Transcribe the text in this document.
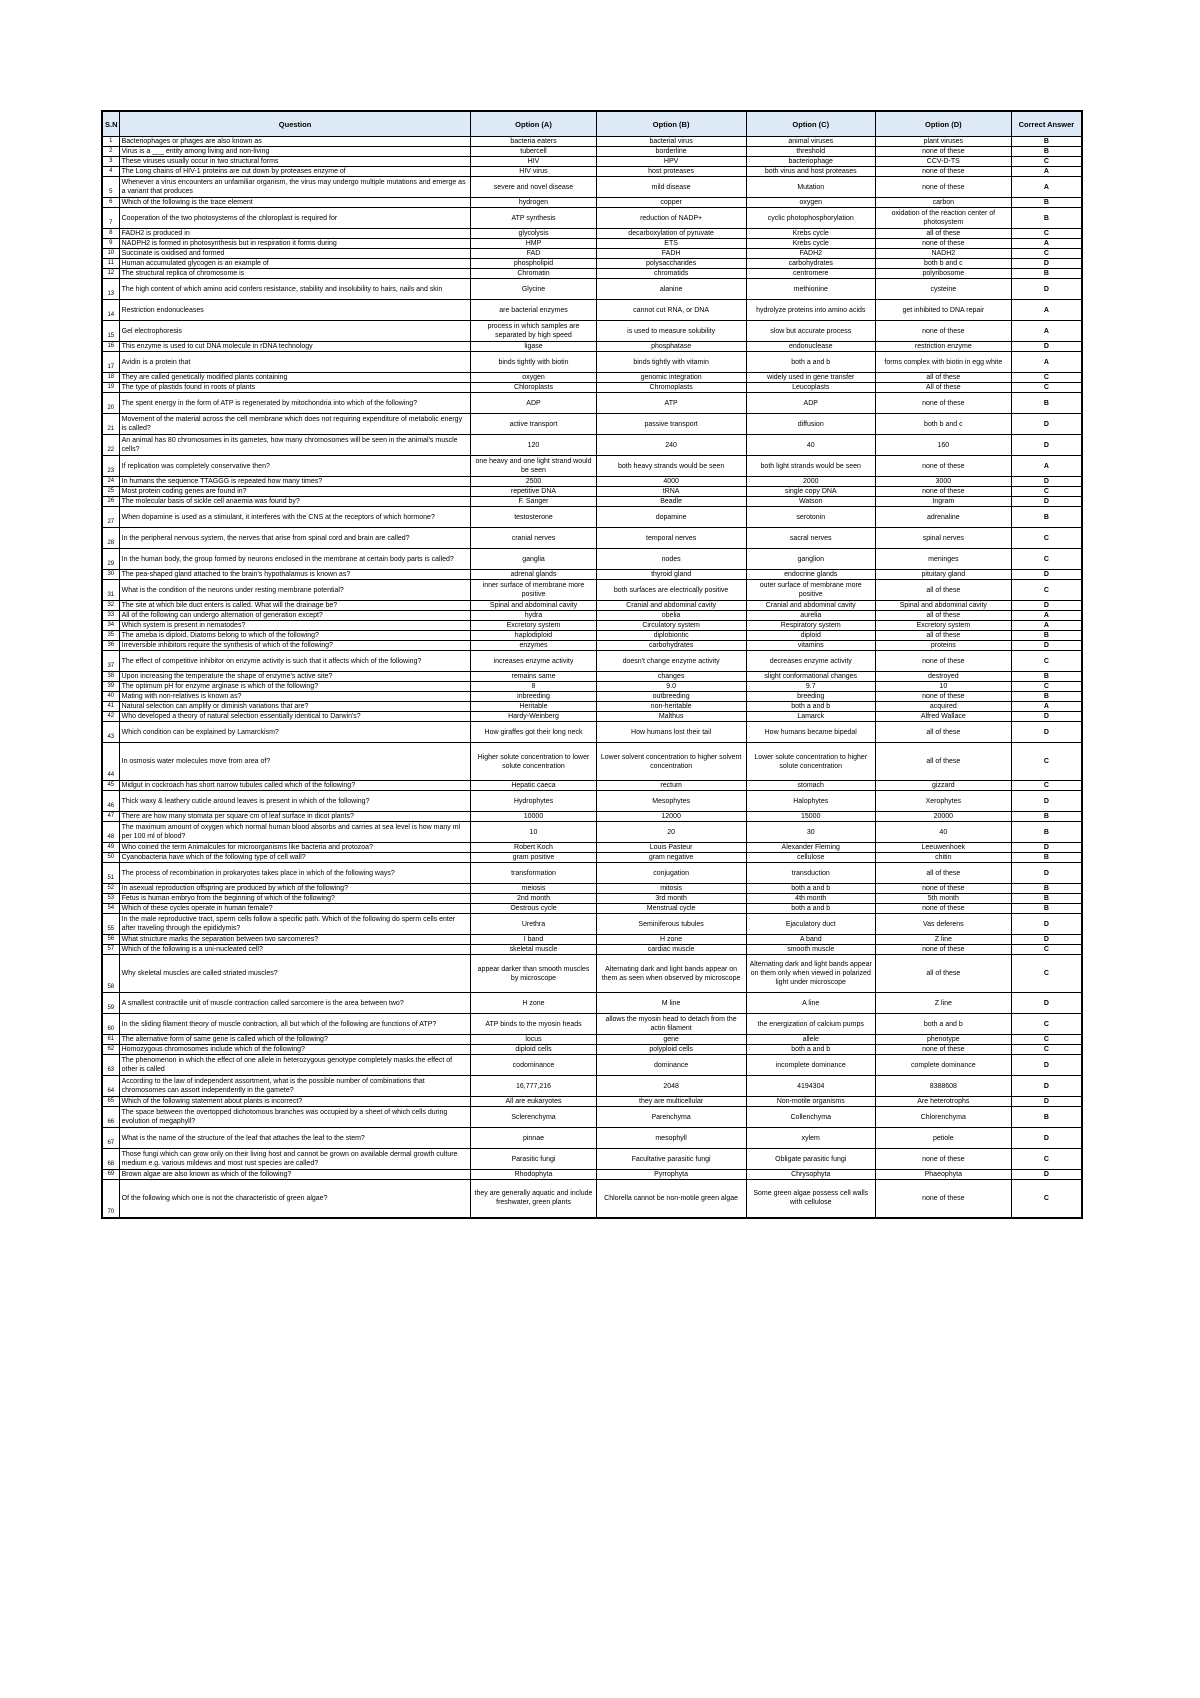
S.N	Question	Option (A)	Option (B)	Option (C)	Option (D)	Correct Answer
1	Bacteriophages or phages are also known as	bacteria eaters	bacterial virus	animal viruses	plant viruses	B
2	Virus is a ___ entity among living and non-living	tubercell	borderline	threshold	none of these	B
3	These viruses usually occur in two structural forms	HIV	HPV	bacteriophage	CCV-D-TS	C
4	The Long chains of HIV-1 proteins are cut down by proteases enzyme of	HIV virus	host proteases	both virus and host proteases	none of these	A
5	Whenever a virus encounters an unfamiliar organism, the virus may undergo multiple mutations and emerge as a variant that produces	severe and novel disease	mild disease	Mutation	none of these	A
6	Which of the following is the trace element	hydrogen	copper	oxygen	carbon	B
7	Cooperation of the two photosystems of the chloroplast is required for	ATP synthesis	reduction of NADP+	cyclic photophosphorylation	oxidation of the reaction center of photosystem	B
8	FADH2 is produced in	glycolysis	decarboxylation of pyruvate	Krebs cycle	all of these	C
9	NADPH2 is formed in photosynthesis but in respiration it forms during	HMP	ETS	Krebs cycle	none of these	A
10	Succinate is oxidised and formed	FAD	FADH	FADH2	NADH2	C
11	Human accumulated glycogen is an example of	phospholipid	polysaccharides	carbohydrates	both b and c	D
12	The structural replica of chromosome is	Chromatin	chromatids	centromere	polyribosome	B
13	The high content of which amino acid confers resistance, stability and insolubility to hairs, nails and skin	Glycine	alanine	methionine	cysteine	D
14	Restriction endonucleases	are bacterial enzymes	cannot cut RNA, or DNA	hydrolyze proteins into amino acids	get inhibited to DNA repair	A
15	Gel electrophoresis	process in which samples are separated by high speed	is used to measure solubility	slow but accurate process	none of these	A
16	This enzyme is used to cut DNA molecule in rDNA technology	ligase	phosphatase	endonuclease	restriction enzyme	D
17	Avidin is a protein that	binds tightly with biotin	binds tightly with vitamin	both a and b	forms complex with biotin in egg white	A
18	They are called genetically modified plants containing	oxygen	genomic integration	widely used in gene transfer	all of these	C
19	The type of plastids found in roots of plants	Chloroplasts	Chromoplasts	Leucoplasts	All of these	C
20	The spent energy in the form of ATP is regenerated by mitochondria into which of the following?	ADP	ATP	ADP	none of these	B
21	Movement of the material across the cell membrane which does not requiring expenditure of metabolic energy is called?	active transport	passive transport	diffusion	both b and c	D
22	An animal has 80 chromosomes in its gametes, how many chromosomes will be seen in the animal's muscle cells?	120	240	40	160	D
23	If replication was completely conservative then?	one heavy and one light strand would be seen	both heavy strands would be seen	both light strands would be seen	none of these	A
24	In humans the sequence TTAGGG is repeated how many times?	2500	4000	2000	3000	D
25	Most protein coding genes are found in?	repetitive DNA	tRNA	single copy DNA	none of these	C
26	The molecular basis of sickle cell anaemia was found by?	F. Sanger	Beadle	Watson	Ingram	D
27	When dopamine is used as a stimulant, it interferes with the CNS at the receptors of which hormone?	testosterone	dopamine	serotonin	adrenaline	B
28	In the peripheral nervous system, the nerves that arise from spinal cord and brain are called?	cranial nerves	temporal nerves	sacral nerves	spinal nerves	C
29	In the human body, the group formed by neurons enclosed in the membrane at certain body parts is called?	ganglia	nodes	ganglion	meninges	C
30	The pea-shaped gland attached to the brain's hypothalamus is known as?	adrenal glands	thyroid gland	endocrine glands	pituitary gland	D
31	What is the condition of the neurons under resting membrane potential?	inner surface of membrane more positive	both surfaces are electrically positive	outer surface of membrane more positive	all of these	C
32	The site at which bile duct enters is called. What will the drainage be?	Spinal and abdominal cavity	Cranial and abdominal cavity	Cranial and abdominal cavity	Spinal and abdominal cavity	D
33	All of the following can undergo alternation of generation except?	hydra	obelia	aurelia	all of these	A
34	Which system is present in nematodes?	Excretory system	Circulatory system	Respiratory system	Excretory system	A
35	The ameba is diploid. Diatoms belong to which of the following?	haplodiploid	diplobiontic	diploid	all of these	B
36	Irreversible inhibitors require the synthesis of which of the following?	enzymes	carbohydrates	vitamins	proteins	D
37	The effect of competitive inhibitor on enzyme activity is such that it affects which of the following?	increases enzyme activity	doesn't change enzyme activity	decreases enzyme activity	none of these	C
38	Upon increasing the temperature the shape of enzyme's active site?	remains same	changes	slight conformational changes	destroyed	B
39	The optimum pH for enzyme arginase is which of the following?	8	9.0	9.7	10	C
40	Mating with non-relatives is known as?	inbreeding	outbreeding	breeding	none of these	B
41	Natural selection can amplify or diminish variations that are?	Heritable	non-heritable	both a and b	acquired	A
42	Who developed a theory of natural selection essentially identical to Darwin's?	Hardy-Weinberg	Malthus	Lamarck	Alfred Wallace	D
43	Which condition can be explained by Lamarckism?	How giraffes got their long neck	How humans lost their tail	How humans became bipedal	all of these	D
44	In osmosis water molecules move from area of?	Higher solute concentration to lower solute concentration	Lower solvent concentration to higher solvent concentration	Lower solute concentration to higher solute concentration	all of these	C
45	Midgut in cockroach has short narrow tubules called which of the following?	Hepatic caeca	rectum	stomach	gizzard	C
46	Thick waxy & leathery cuticle around leaves is present in which of the following?	Hydrophytes	Mesophytes	Halophytes	Xerophytes	D
47	There are how many stomata per square cm of leaf surface in dicot plants?	10000	12000	15000	20000	B
48	The maximum amount of oxygen which normal human blood absorbs and carries at sea level is how many ml per 100 ml of blood?	10	20	30	40	B
49	Who coined the term Animalcules for microorganisms like bacteria and protozoa?	Robert Koch	Louis Pasteur	Alexander Fleming	Leeuwenhoek	D
50	Cyanobacteria have which of the following type of cell wall?	gram positive	gram negative	cellulose	chitin	B
51	The process of recombination in prokaryotes takes place in which of the following ways?	transformation	conjugation	transduction	all of these	D
52	In asexual reproduction offspring are produced by which of the following?	meiosis	mitosis	both a and b	none of these	B
53	Fetus is human embryo from the beginning of which of the following?	2nd month	3rd month	4th month	5th month	B
54	Which of these cycles operate in human female?	Oestrous cycle	Menstrual cycle	both a and b	none of these	B
55	In the male reproductive tract, sperm cells follow a specific path. Which of the following do sperm cells enter after traveling through the epididymis?	Urethra	Seminiferous tubules	Ejaculatory duct	Vas deferens	D
56	What structure marks the separation between two sarcomeres?	I band	H zone	A band	Z line	D
57	Which of the following is a uni-nucleated cell?	skeletal muscle	cardiac muscle	smooth muscle	none of these	C
58	Why skeletal muscles are called striated muscles?	appear darker than smooth muscles by microscope	Alternating dark and light bands appear on them as seen when observed by microscope	Alternating dark and light bands appear on them only when viewed in polarized light under microscope	all of these	C
59	A smallest contractile unit of muscle contraction called sarcomere is the area between two?	H zone	M line	A line	Z line	D
60	In the sliding filament theory of muscle contraction, all but which of the following are functions of ATP?	ATP binds to the myosin heads	allows the myosin head to detach from the actin filament	the energization of calcium pumps	both a and b	C
61	The alternative form of same gene is called which of the following?	locus	gene	allele	phenotype	C
62	Homozygous chromosomes include which of the following?	diploid cells	polyploid cells	both a and b	none of these	C
63	The phenomenon in which the effect of one allele in heterozygous genotype completely masks the effect of other is called	codominance	dominance	incomplete dominance	complete dominance	D
64	According to the law of independent assortment, what is the possible number of combinations that chromosomes can assort independently in the gamete?	16,777,216	2048	4194304	8388608	D
65	Which of the following statement about plants is incorrect?	All are eukaryotes	they are multicellular	Non-motile organisms	Are heterotrophs	D
66	The space between the overtopped dichotomous branches was occupied by a sheet of which cells during evolution of megaphyll?	Sclerenchyma	Parenchyma	Collenchyma	Chlorenchyma	B
67	What is the name of the structure of the leaf that attaches the leaf to the stem?	pinnae	mesophyll	xylem	petiole	D
68	Those fungi which can grow only on their living host and cannot be grown on available dermal growth culture medium e.g. various mildews and most rust species are called?	Parasitic fungi	Facultative parasitic fungi	Obligate parasitic fungi	none of these	C
69	Brown algae are also known as which of the following?	Rhodophyta	Pyrrophyta	Chrysophyta	Phaeophyta	D
70	Of the following which one is not the characteristic of green algae?	they are generally aquatic and include freshwater, green plants	Chlorella cannot be non-motile green algae	Some green algae possess cell walls with cellulose	none of these	C
